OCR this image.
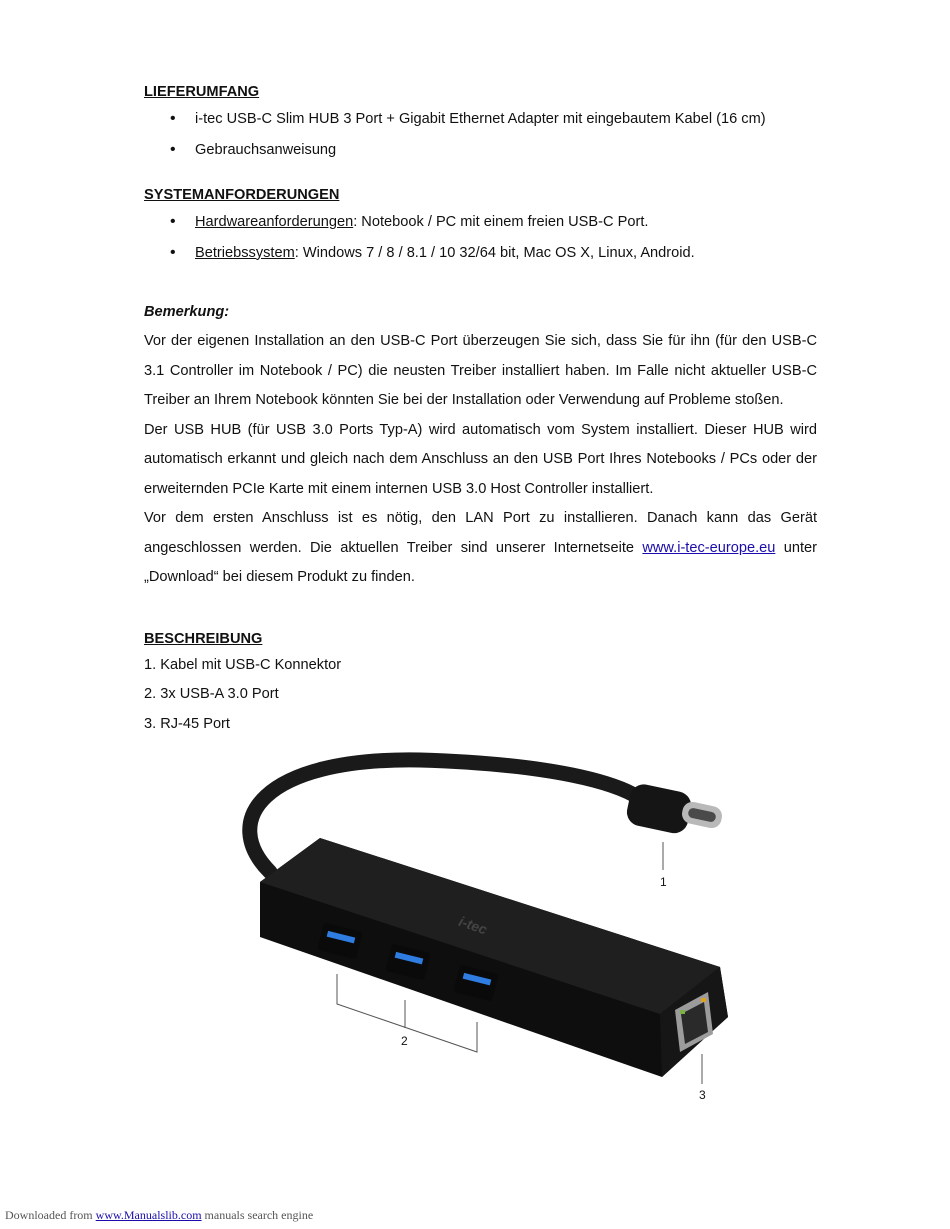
LIEFERUMFANG
• i-tec USB-C Slim HUB 3 Port + Gigabit Ethernet Adapter mit eingebautem Kabel (16 cm)
• Gebrauchsanweisung
SYSTEMANFORDERUNGEN
• Hardwareanforderungen: Notebook / PC mit einem freien USB-C Port.
• Betriebssystem: Windows 7 / 8 / 8.1 / 10 32/64 bit, Mac OS X, Linux, Android.
Bemerkung:

Vor der eigenen Installation an den USB-C Port überzeugen Sie sich, dass Sie für ihn (für den USB-C 3.1 Controller im Notebook / PC) die neusten Treiber installiert haben. Im Falle nicht aktueller USB-C Treiber an Ihrem Notebook könnten Sie bei der Installation oder Verwendung auf Probleme stoßen.

Der USB HUB (für USB 3.0 Ports Typ-A) wird automatisch vom System installiert. Dieser HUB wird automatisch erkannt und gleich nach dem Anschluss an den USB Port Ihres Notebooks / PCs oder der erweiternden PCIe Karte mit einem internen USB 3.0 Host Controller installiert.

Vor dem ersten Anschluss ist es nötig, den LAN Port zu installieren. Danach kann das Gerät angeschlossen werden. Die aktuellen Treiber sind unserer Internetseite www.i-tec-europe.eu unter „Download“ bei diesem Produkt zu finden.

BESCHREIBUNG
1. Kabel mit USB-C Konnektor
2. 3x USB-A 3.0 Port
3. RJ-45 Port
i-tec
1
2
3
Downloaded from www.Manualslib.com manuals search engine
